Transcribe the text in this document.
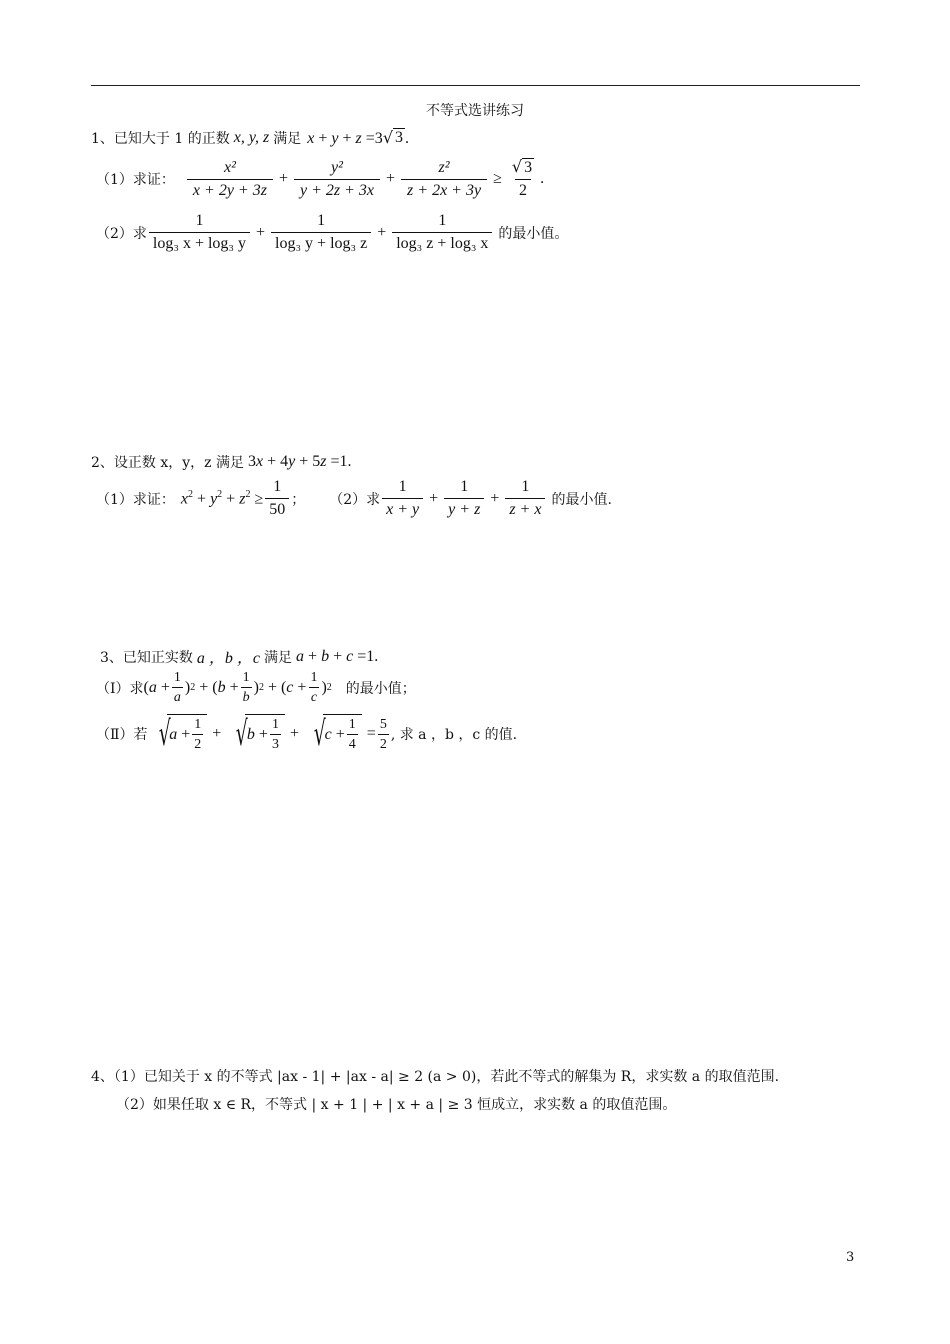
不等式选讲练习
1、已知大于 1 的正数 x, y, z 满足 x + y + z =3 √ 3 .
（1）求证： $\frac{\text{x²}}{x + 2y + 3z} + \frac{\text{y²}}{y + 2z + 3x} + \frac{\text{z²}}{z + 2x + 3y} \ge \frac{√ 3}{2}$ .
（2）求 $\frac{1}{\text{log₃ x + log₃ y}} + \frac{1}{\text{log₃ y + log₃ z}} + \frac{1}{\text{log₃ z + log₃ x}}$ 的最小值。
2、设正数 x，y，z 满足 3x + 4y + 5z =1.
（1）求证： $x^2 + y^2 + z^2 \ge \frac{1}{50}$ ； （2）求 $\frac{1}{x + y} + \frac{1}{y + z} + \frac{1}{z + x}$ 的最小值.
3、已知正实数 a ，b ，c 满足 a + b + c =1.
（Ⅰ）求 ( $a + \frac{1}{a}$ ) 2 + ( $b + \frac{1}{b}$ ) 2 + ( $c + \frac{1}{c}$ ) 2 的最小值；
（Ⅱ）若 √ $a + \frac{1}{2}$ + √ $b + \frac{1}{3}$ + √ $c + \frac{1}{4} = \frac{5}{2}$ , 求 a ，b ，c 的值.
4、（1）已知关于 x 的不等式 |ax - 1| + |ax - a| ≥ 2 (a > 0)，若此不等式的解集为 R，求实数 a 的取值范围.
（2）如果任取 x ∈ R，不等式 | x + 1 | + | x + a | ≥ 3 恒成立，求实数 a 的取值范围。
3
